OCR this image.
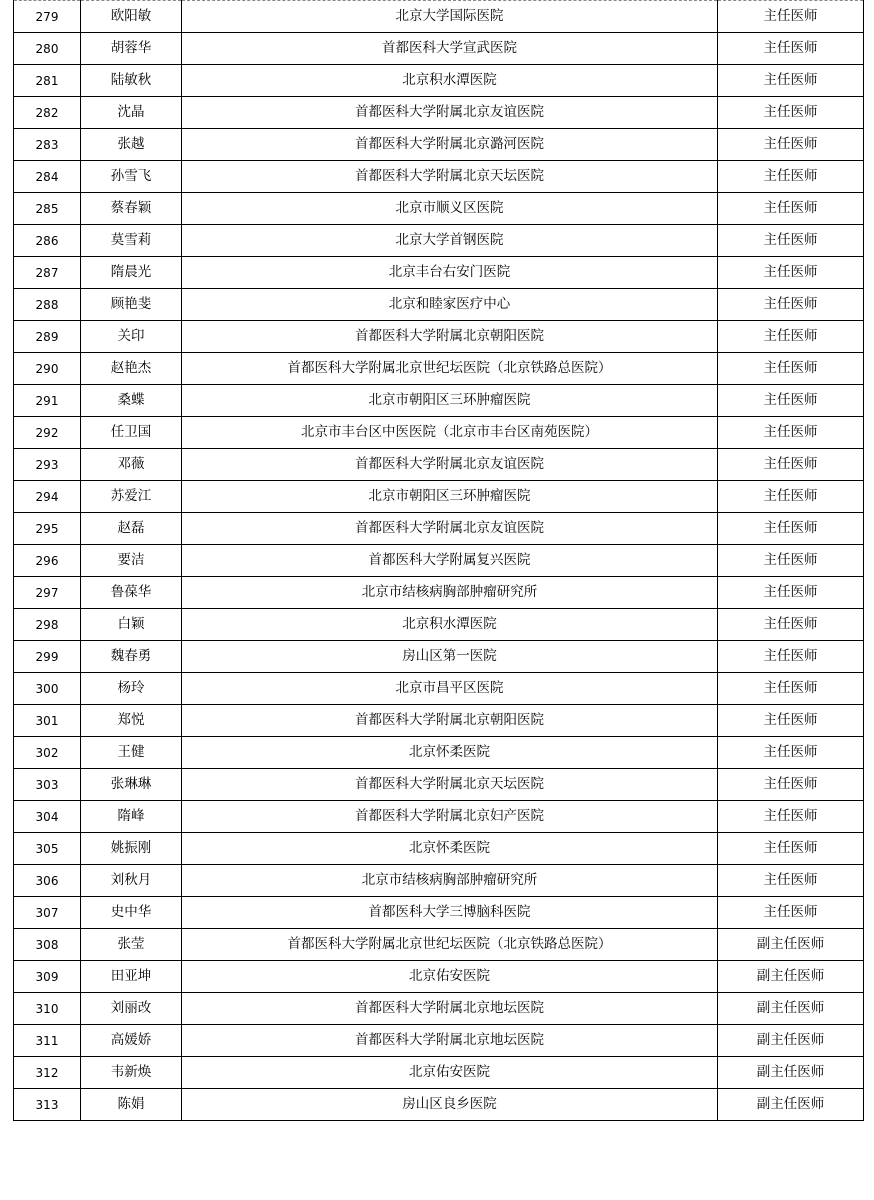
279	欧阳敏	北京大学国际医院	主任医师
280	胡蓉华	首都医科大学宣武医院	主任医师
281	陆敏秋	北京积水潭医院	主任医师
282	沈晶	首都医科大学附属北京友谊医院	主任医师
283	张越	首都医科大学附属北京潞河医院	主任医师
284	孙雪飞	首都医科大学附属北京天坛医院	主任医师
285	蔡春颖	北京市顺义区医院	主任医师
286	莫雪莉	北京大学首钢医院	主任医师
287	隋晨光	北京丰台右安门医院	主任医师
288	顾艳斐	北京和睦家医疗中心	主任医师
289	关印	首都医科大学附属北京朝阳医院	主任医师
290	赵艳杰	首都医科大学附属北京世纪坛医院（北京铁路总医院）	主任医师
291	桑蝶	北京市朝阳区三环肿瘤医院	主任医师
292	任卫国	北京市丰台区中医医院（北京市丰台区南苑医院）	主任医师
293	邓薇	首都医科大学附属北京友谊医院	主任医师
294	苏爱江	北京市朝阳区三环肿瘤医院	主任医师
295	赵磊	首都医科大学附属北京友谊医院	主任医师
296	要洁	首都医科大学附属复兴医院	主任医师
297	鲁葆华	北京市结核病胸部肿瘤研究所	主任医师
298	白颖	北京积水潭医院	主任医师
299	魏春勇	房山区第一医院	主任医师
300	杨玲	北京市昌平区医院	主任医师
301	郑悦	首都医科大学附属北京朝阳医院	主任医师
302	王健	北京怀柔医院	主任医师
303	张琳琳	首都医科大学附属北京天坛医院	主任医师
304	隋峰	首都医科大学附属北京妇产医院	主任医师
305	姚振刚	北京怀柔医院	主任医师
306	刘秋月	北京市结核病胸部肿瘤研究所	主任医师
307	史中华	首都医科大学三博脑科医院	主任医师
308	张莹	首都医科大学附属北京世纪坛医院（北京铁路总医院）	副主任医师
309	田亚坤	北京佑安医院	副主任医师
310	刘丽改	首都医科大学附属北京地坛医院	副主任医师
311	高媛娇	首都医科大学附属北京地坛医院	副主任医师
312	韦新焕	北京佑安医院	副主任医师
313	陈娟	房山区良乡医院	副主任医师
